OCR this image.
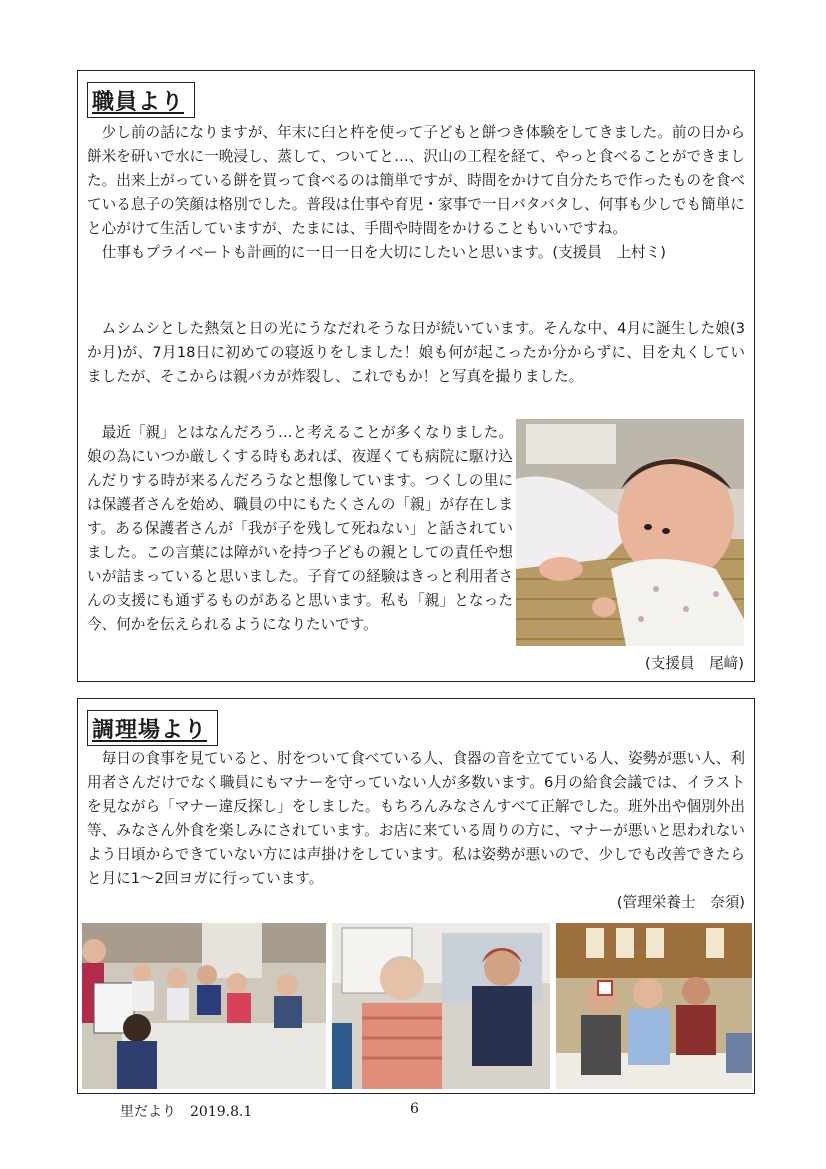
職員より

少し前の話になりますが、年末に臼と杵を使って子どもと餅つき体験をしてきました。前の日から餅米を研いで水に一晩浸し、蒸して、ついてと…、沢山の工程を経て、やっと食べることができました。出来上がっている餅を買って食べるのは簡単ですが、時間をかけて自分たちで作ったものを食べている息子の笑顔は格別でした。普段は仕事や育児・家事で一日バタバタし、何事も少しでも簡単にと心がけて生活していますが、たまには、手間や時間をかけることもいいですね。

仕事もプライベートも計画的に一日一日を大切にしたいと思います。(支援員　上村ミ)

ムシムシとした熱気と日の光にうなだれそうな日が続いています。そんな中、4月に誕生した娘(3か月)が、7月18日に初めての寝返りをしました！娘も何が起こったか分からずに、目を丸くしていましたが、そこからは親バカが炸裂し、これでもか！と写真を撮りました。

最近「親」とはなんだろう…と考えることが多くなりました。娘の為にいつか厳しくする時もあれば、夜遅くても病院に駆け込んだりする時が来るんだろうなと想像しています。つくしの里には保護者さんを始め、職員の中にもたくさんの「親」が存在します。ある保護者さんが「我が子を残して死ねない」と話されていました。この言葉には障がいを持つ子どもの親としての責任や想いが詰まっていると思いました。子育ての経験はきっと利用者さんの支援にも通ずるものがあると思います。私も「親」となった今、何かを伝えられるようになりたいです。

(支援員　尾﨑)
調理場より

毎日の食事を見ていると、肘をついて食べている人、食器の音を立てている人、姿勢が悪い人、利用者さんだけでなく職員にもマナーを守っていない人が多数います。6月の給食会議では、イラストを見ながら「マナー違反探し」をしました。もちろんみなさんすべて正解でした。班外出や個別外出等、みなさん外食を楽しみにされています。お店に来ている周りの方に、マナーが悪いと思われないよう日頃からできていない方には声掛けをしています。私は姿勢が悪いので、少しでも改善できたらと月に1〜2回ヨガに行っています。

(管理栄養士　奈須)

里だより　2019.8.1	6
